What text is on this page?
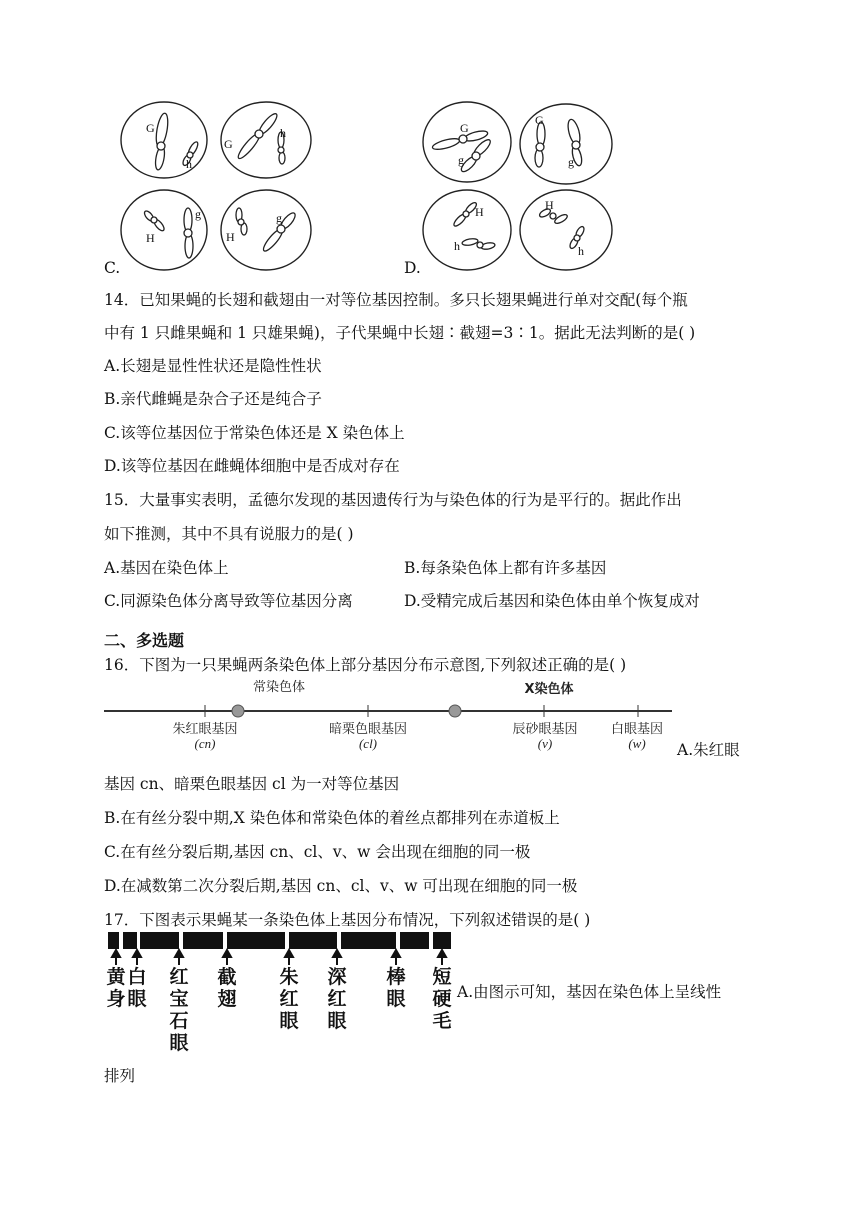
G
h
G
h
H
g
H
g
C.
G
g
G
g
H
h
H
h
D.
14．已知果蝇的长翅和截翅由一对等位基因控制。多只长翅果蝇进行单对交配(每个瓶
中有 1 只雌果蝇和 1 只雄果蝇)，子代果蝇中长翅∶截翅=3∶1。据此无法判断的是( )
A.长翅是显性性状还是隐性性状
B.亲代雌蝇是杂合子还是纯合子
C.该等位基因位于常染色体还是 X 染色体上
D.该等位基因在雌蝇体细胞中是否成对存在
15．大量事实表明，孟德尔发现的基因遗传行为与染色体的行为是平行的。据此作出
如下推测，其中不具有说服力的是( )
A.基因在染色体上	B.每条染色体上都有许多基因
C.同源染色体分离导致等位基因分离	D.受精完成后基因和染色体由单个恢复成对
二、多选题
16．下图为一只果蝇两条染色体上部分基因分布示意图,下列叙述正确的是( )
常染色体	X染色体
朱红眼基因
(cn)
暗栗色眼基因
(cl)
辰砂眼基因
(v)
白眼基因
(w)	A.朱红眼
基因 cn、暗栗色眼基因 cl 为一对等位基因
B.在有丝分裂中期,X 染色体和常染色体的着丝点都排列在赤道板上
C.在有丝分裂后期,基因 cn、cl、v、w 会出现在细胞的同一极
D.在减数第二次分裂后期,基因 cn、cl、v、w 可出现在细胞的同一极
17．下图表示果蝇某一条染色体上基因分布情况，下列叙述错误的是( )
黄身
白眼
红宝石眼
截翅
朱红眼
深红眼
棒眼
短硬毛
A.由图示可知，基因在染色体上呈线性
排列
